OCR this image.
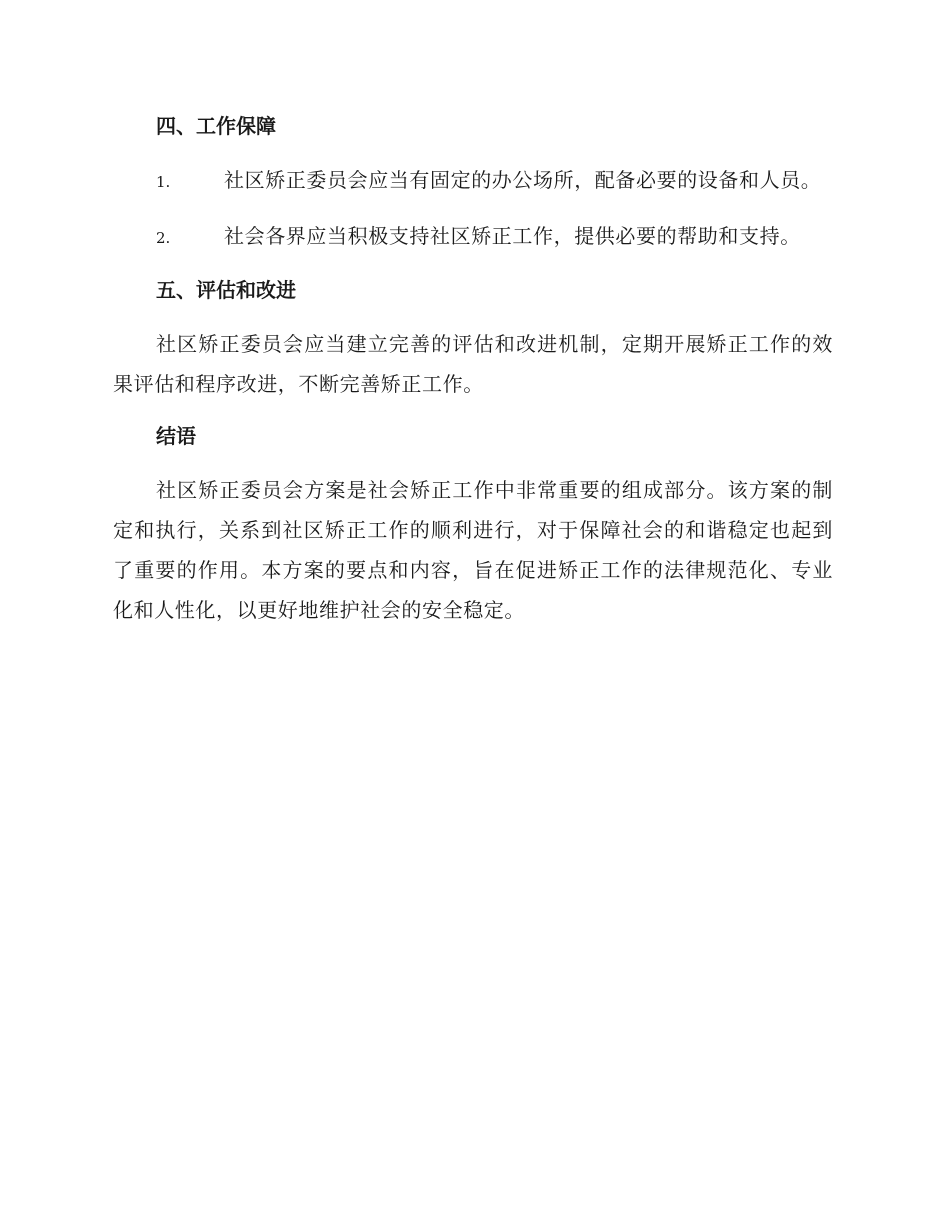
四、工作保障
1.	社区矫正委员会应当有固定的办公场所，配备必要的设备和人员。
2.	社会各界应当积极支持社区矫正工作，提供必要的帮助和支持。
五、评估和改进

社区矫正委员会应当建立完善的评估和改进机制，定期开展矫正工作的效果评估和程序改进，不断完善矫正工作。

结语

社区矫正委员会方案是社会矫正工作中非常重要的组成部分。该方案的制定和执行，关系到社区矫正工作的顺利进行，对于保障社会的和谐稳定也起到了重要的作用。本方案的要点和内容，旨在促进矫正工作的法律规范化、专业化和人性化，以更好地维护社会的安全稳定。
